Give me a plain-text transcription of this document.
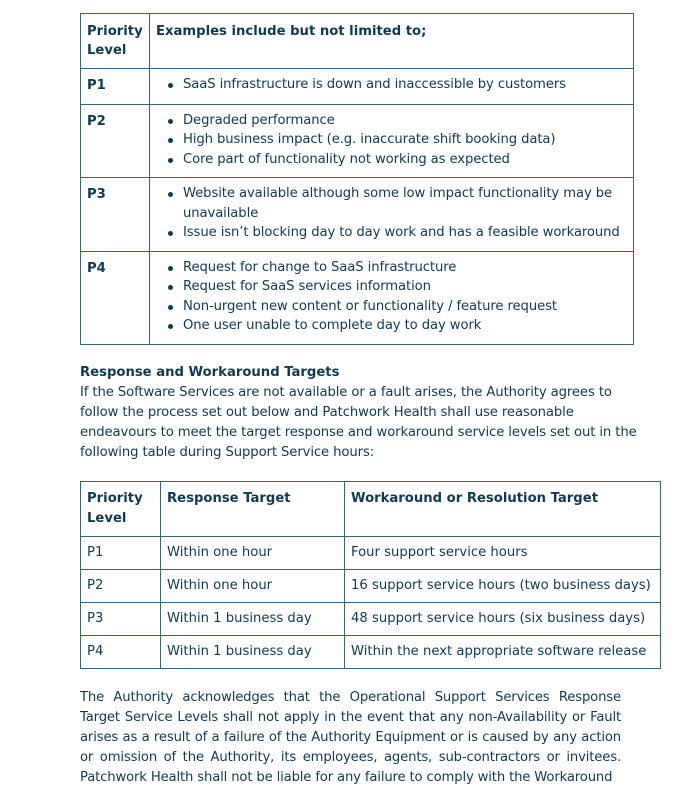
Priority Level	Examples include but not limited to;
P1	SaaS infrastructure is down and inaccessible by customers

P2	Degraded performance
High business impact (e.g. inaccurate shift booking data)
Core part of functionality not working as expected

P3	Website available although some low impact functionality may be unavailable
Issue isn’t blocking day to day work and has a feasible workaround

P4	Request for change to SaaS infrastructure
Request for SaaS services information
Non-urgent new content or functionality / feature request
One user unable to complete day to day work
Response and Workaround Targets
If the Software Services are not available or a fault arises, the Authority agrees to follow the process set out below and Patchwork Health shall use reasonable endeavours to meet the target response and workaround service levels set out in the following table during Support Service hours:
Priority Level	Response Target	Workaround or Resolution Target
P1	Within one hour	Four support service hours
P2	Within one hour	16 support service hours (two business days)
P3	Within 1 business day	48 support service hours (six business days)
P4	Within 1 business day	Within the next appropriate software release
The Authority acknowledges that the Operational Support Services Response Target Service Levels shall not apply in the event that any non-Availability or Fault arises as a result of a failure of the Authority Equipment or is caused by any action or omission of the Authority, its employees, agents, sub-contractors or invitees. Patchwork Health shall not be liable for any failure to comply with the Workaround
